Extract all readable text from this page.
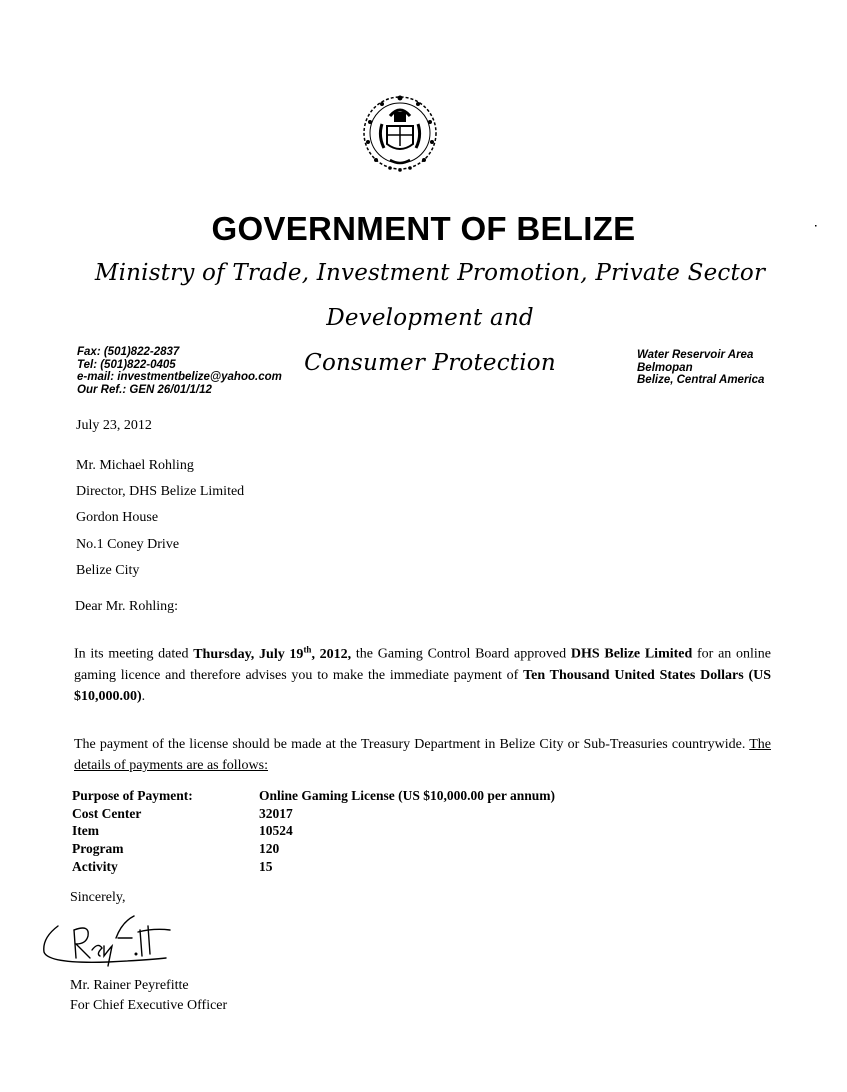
GOVERNMENT OF BELIZE
Ministry of Trade, Investment Promotion, Private Sector Development and
Consumer Protection
Fax: (501)822-2837
Tel: (501)822-0405
e-mail: investmentbelize@yahoo.com
Our Ref.: GEN 26/01/1/12
Water Reservoir Area
Belmopan
Belize, Central America
July 23, 2012
Mr. Michael Rohling
Director, DHS Belize Limited
Gordon House
No.1 Coney Drive
Belize City
Dear Mr. Rohling:
In its meeting dated Thursday, July 19th, 2012, the Gaming Control Board approved DHS Belize Limited for an online gaming licence and therefore advises you to make the immediate payment of Ten Thousand United States Dollars (US $10,000.00).
The payment of the license should be made at the Treasury Department in Belize City or Sub-Treasuries countrywide. The details of payments are as follows:
Purpose of Payment:	Online Gaming License (US $10,000.00 per annum)
Cost Center	32017
Item	10524
Program	120
Activity	15
Sincerely,
Mr. Rainer Peyrefitte
For Chief Executive Officer
